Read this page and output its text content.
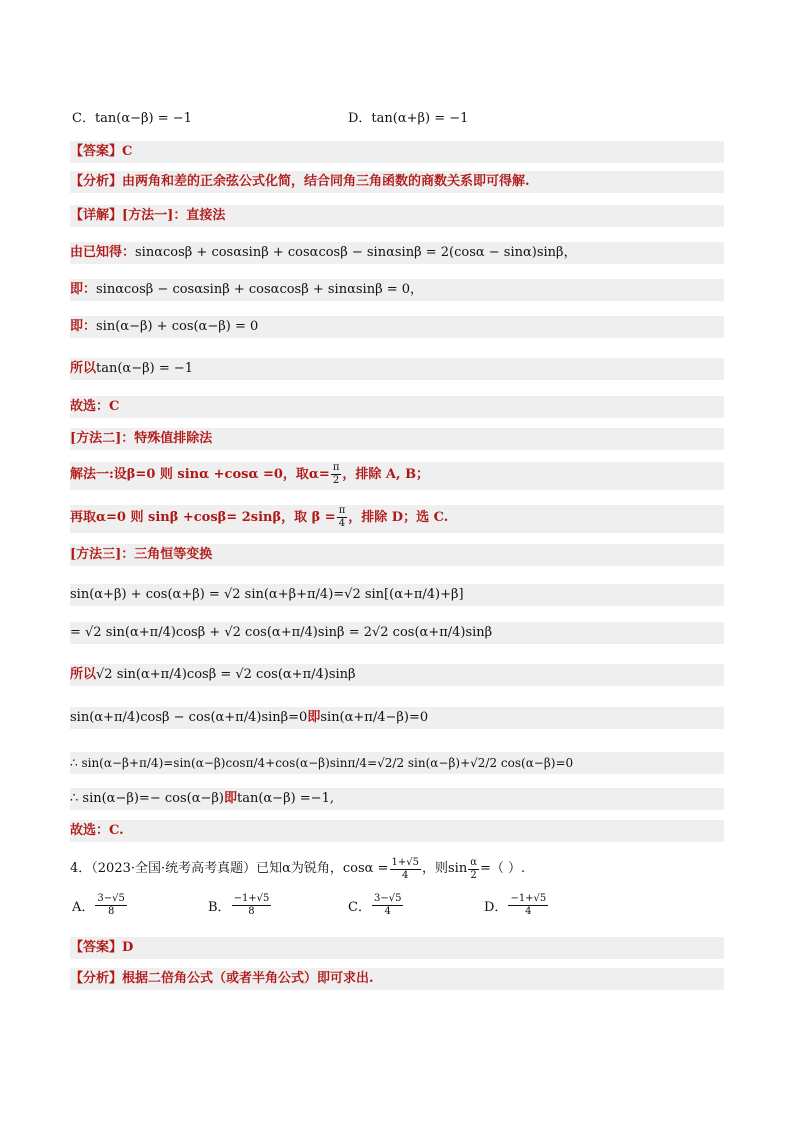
C．tan(α−β) = −1	D．tan(α+β) = −1
【答案】C
【分析】由两角和差的正余弦公式化简，结合同角三角函数的商数关系即可得解.
【详解】[方法一]：直接法
由已知得：sinαcosβ + cosαsinβ + cosαcosβ − sinαsinβ = 2(cosα − sinα)sinβ，
即：sinαcosβ − cosαsinβ + cosαcosβ + sinαsinβ = 0，
即：sin(α−β) + cos(α−β) = 0
所以tan(α−β) = −1
故选：C
[方法二]：特殊值排除法
解法一:设β=0 则 sinα +cosα =0，取$\alpha= \frac{\pi}{2}$ ，排除 A, B；
再取α=0 则 sinβ +cosβ= 2sinβ，取 $\beta = \frac{\pi}{4}$ ，排除 D；选 C.
[方法三]：三角恒等变换
sin(α+β) + cos(α+β) = √2 sin(α+β+π/4)=√2 sin[(α+π/4)+β]
= √2 sin(α+π/4)cosβ + √2 cos(α+π/4)sinβ = 2√2 cos(α+π/4)sinβ
所以√2 sin(α+π/4)cosβ = √2 cos(α+π/4)sinβ
sin(α+π/4)cosβ − cos(α+π/4)sinβ=0即sin(α+π/4−β)=0
∴ sin(α−β+π/4)=sin(α−β)cosπ/4+cos(α−β)sinπ/4=√2/2 sin(α−β)+√2/2 cos(α−β)=0
∴ sin(α−β)=− cos(α−β)即tan(α−β) =−1,
故选：C.
4．（2023·全国·统考高考真题）已知 α为锐角，$\cos\alpha = \frac{1+√5}{4}$ ，则 $\sin \frac{\alpha}{2}$ =（ ）.
A． $\frac{3-√5}{8}$	B． $\frac{-1+√5}{8}$	C． $\frac{3-√5}{4}$	D． $\frac{-1+√5}{4}$
【答案】D
【分析】根据二倍角公式（或者半角公式）即可求出.
